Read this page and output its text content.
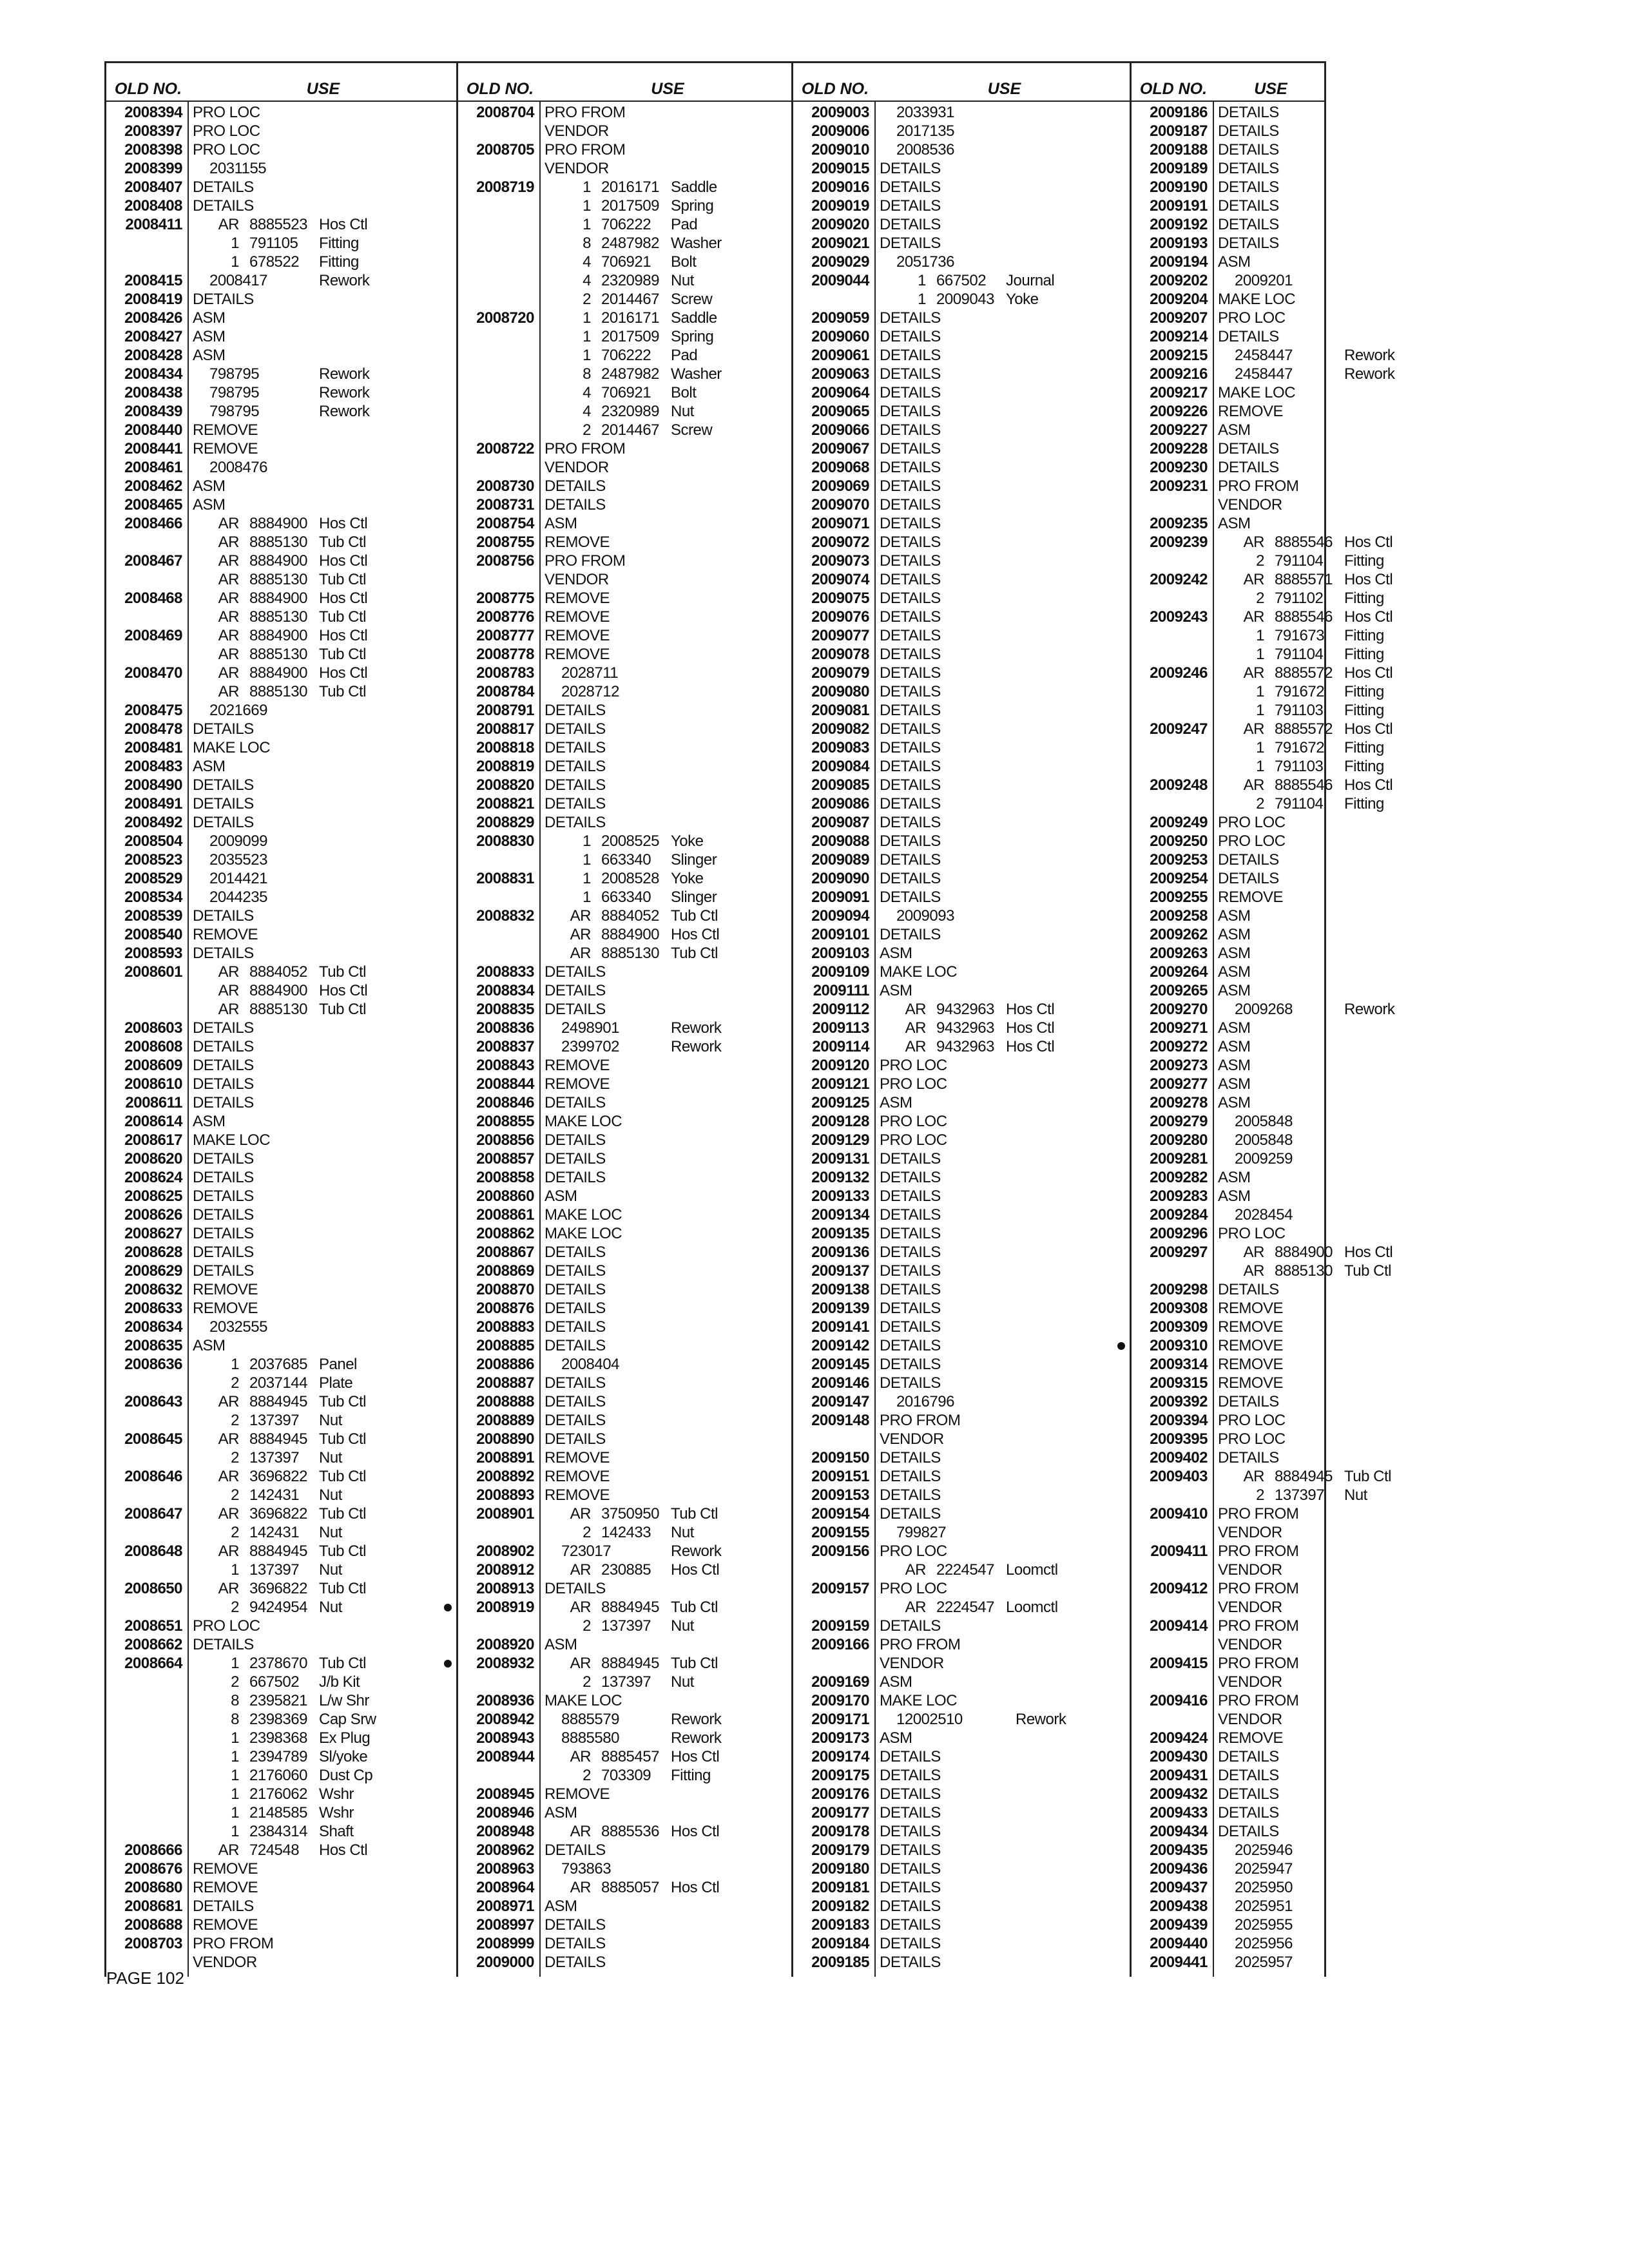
OLD NO.	USE
2008394 PRO LOC
2008397 PRO LOC
2008398 PRO LOC
2008399 2031155
2008407 DETAILS
2008408 DETAILS
2008411	AR 8885523 Hos Ctl
1 791105 Fitting
1 678522 Fitting
2008415 2008417	Rework
2008419 DETAILS
2008426 ASM
2008427 ASM
2008428 ASM
2008434 798795	Rework
2008438 798795	Rework
2008439 798795	Rework
2008440 REMOVE
2008441 REMOVE
2008461 2008476
2008462 ASM
2008465 ASM
2008466	AR 8884900 Hos Ctl
AR 8885130 Tub Ctl
2008467	AR 8884900 Hos Ctl
AR 8885130 Tub Ctl
2008468	AR 8884900 Hos Ctl
AR 8885130 Tub Ctl
2008469	AR 8884900 Hos Ctl
AR 8885130 Tub Ctl
2008470	AR 8884900 Hos Ctl
AR 8885130 Tub Ctl
2008475 2021669
2008478 DETAILS
2008481 MAKE LOC
2008483 ASM
2008490 DETAILS
2008491 DETAILS
2008492 DETAILS
2008504 2009099
2008523 2035523
2008529 2014421
2008534 2044235
2008539 DETAILS
2008540 REMOVE
2008593 DETAILS
2008601	AR 8884052 Tub Ctl
AR 8884900 Hos Ctl
AR 8885130 Tub Ctl
2008603 DETAILS
2008608 DETAILS
2008609 DETAILS
2008610 DETAILS
2008611 DETAILS
2008614 ASM
2008617 MAKE LOC
2008620 DETAILS
2008624 DETAILS
2008625 DETAILS
2008626 DETAILS
2008627 DETAILS
2008628 DETAILS
2008629 DETAILS
2008632 REMOVE
2008633 REMOVE
2008634 2032555
2008635 ASM
2008636	1 2037685 Panel
2 2037144 Plate
2008643	AR 8884945 Tub Ctl
2 137397 Nut
2008645	AR 8884945 Tub Ctl
2 137397 Nut
2008646	AR 3696822 Tub Ctl
2 142431 Nut
2008647	AR 3696822 Tub Ctl
2 142431 Nut
2008648	AR 8884945 Tub Ctl
1 137397 Nut
2008650	AR 3696822 Tub Ctl
2 9424954 Nut
2008651 PRO LOC
2008662 DETAILS
2008664	1 2378670 Tub Ctl
2 667502 J/b Kit
8 2395821 L/w Shr
8 2398369 Cap Srw
1 2398368 Ex Plug
1 2394789 Sl/yoke
1 2176060 Dust Cp
1 2176062 Wshr
1 2148585 Wshr
1 2384314 Shaft
2008666	AR 724548 Hos Ctl
2008676 REMOVE
2008680 REMOVE
2008681 DETAILS
2008688 REMOVE
2008703 PRO FROM
VENDOR
OLD NO.	USE
2008704 PRO FROM
VENDOR
2008705 PRO FROM
VENDOR
2008719	1 2016171 Saddle
1 2017509 Spring
1 706222 Pad
8 2487982 Washer
4 706921 Bolt
4 2320989 Nut
2 2014467 Screw
2008720	1 2016171 Saddle
1 2017509 Spring
1 706222 Pad
8 2487982 Washer
4 706921 Bolt
4 2320989 Nut
2 2014467 Screw
2008722 PRO FROM
VENDOR
2008730 DETAILS
2008731 DETAILS
2008754 ASM
2008755 REMOVE
2008756 PRO FROM
VENDOR
2008775 REMOVE
2008776 REMOVE
2008777 REMOVE
2008778 REMOVE
2008783 2028711
2008784 2028712
2008791 DETAILS
2008817 DETAILS
2008818 DETAILS
2008819 DETAILS
2008820 DETAILS
2008821 DETAILS
2008829 DETAILS
2008830	1 2008525 Yoke
1 663340 Slinger
2008831	1 2008528 Yoke
1 663340 Slinger
2008832	AR 8884052 Tub Ctl
AR 8884900 Hos Ctl
AR 8885130 Tub Ctl
2008833 DETAILS
2008834 DETAILS
2008835 DETAILS
2008836 2498901	Rework
2008837 2399702	Rework
2008843 REMOVE
2008844 REMOVE
2008846 DETAILS
2008855 MAKE LOC
2008856 DETAILS
2008857 DETAILS
2008858 DETAILS
2008860 ASM
2008861 MAKE LOC
2008862 MAKE LOC
2008867 DETAILS
2008869 DETAILS
2008870 DETAILS
2008876 DETAILS
2008883 DETAILS
2008885 DETAILS
2008886 2008404
2008887 DETAILS
2008888 DETAILS
2008889 DETAILS
2008890 DETAILS
2008891 REMOVE
2008892 REMOVE
2008893 REMOVE
2008901	AR 3750950 Tub Ctl
2 142433 Nut
2008902 723017	Rework
2008912	AR 230885 Hos Ctl
2008913 DETAILS
2008919	AR 8884945 Tub Ctl
2 137397 Nut
2008920 ASM
2008932	AR 8884945 Tub Ctl
2 137397 Nut
2008936 MAKE LOC
2008942 8885579	Rework
2008943 8885580	Rework
2008944	AR 8885457 Hos Ctl
2 703309 Fitting
2008945 REMOVE
2008946 ASM
2008948	AR 8885536 Hos Ctl
2008962 DETAILS
2008963 793863
2008964	AR 8885057 Hos Ctl
2008971 ASM
2008997 DETAILS
2008999 DETAILS
2009000 DETAILS
OLD NO.	USE
2009003 2033931
2009006 2017135
2009010 2008536
2009015 DETAILS
2009016 DETAILS
2009019 DETAILS
2009020 DETAILS
2009021 DETAILS
2009029 2051736
2009044	1 667502 Journal
1 2009043 Yoke
2009059 DETAILS
2009060 DETAILS
2009061 DETAILS
2009063 DETAILS
2009064 DETAILS
2009065 DETAILS
2009066 DETAILS
2009067 DETAILS
2009068 DETAILS
2009069 DETAILS
2009070 DETAILS
2009071 DETAILS
2009072 DETAILS
2009073 DETAILS
2009074 DETAILS
2009075 DETAILS
2009076 DETAILS
2009077 DETAILS
2009078 DETAILS
2009079 DETAILS
2009080 DETAILS
2009081 DETAILS
2009082 DETAILS
2009083 DETAILS
2009084 DETAILS
2009085 DETAILS
2009086 DETAILS
2009087 DETAILS
2009088 DETAILS
2009089 DETAILS
2009090 DETAILS
2009091 DETAILS
2009094 2009093
2009101 DETAILS
2009103 ASM
2009109 MAKE LOC
2009111 ASM
2009112	AR 9432963 Hos Ctl
2009113	AR 9432963 Hos Ctl
2009114	AR 9432963 Hos Ctl
2009120 PRO LOC
2009121 PRO LOC
2009125 ASM
2009128 PRO LOC
2009129 PRO LOC
2009131 DETAILS
2009132 DETAILS
2009133 DETAILS
2009134 DETAILS
2009135 DETAILS
2009136 DETAILS
2009137 DETAILS
2009138 DETAILS
2009139 DETAILS
2009141 DETAILS
2009142 DETAILS
2009145 DETAILS
2009146 DETAILS
2009147 2016796
2009148 PRO FROM
VENDOR
2009150 DETAILS
2009151 DETAILS
2009153 DETAILS
2009154 DETAILS
2009155 799827
2009156 PRO LOC
AR 2224547 Loomctl
2009157 PRO LOC
AR 2224547 Loomctl
2009159 DETAILS
2009166 PRO FROM
VENDOR
2009169 ASM
2009170 MAKE LOC
2009171 12002510	Rework
2009173 ASM
2009174 DETAILS
2009175 DETAILS
2009176 DETAILS
2009177 DETAILS
2009178 DETAILS
2009179 DETAILS
2009180 DETAILS
2009181 DETAILS
2009182 DETAILS
2009183 DETAILS
2009184 DETAILS
2009185 DETAILS
OLD NO.	USE
2009186 DETAILS
2009187 DETAILS
2009188 DETAILS
2009189 DETAILS
2009190 DETAILS
2009191 DETAILS
2009192 DETAILS
2009193 DETAILS
2009194 ASM
2009202 2009201
2009204 MAKE LOC
2009207 PRO LOC
2009214 DETAILS
2009215 2458447	Rework
2009216 2458447	Rework
2009217 MAKE LOC
2009226 REMOVE
2009227 ASM
2009228 DETAILS
2009230 DETAILS
2009231 PRO FROM
VENDOR
2009235 ASM
2009239	AR 8885546 Hos Ctl
2 791104 Fitting
2009242	AR 8885571 Hos Ctl
2 791102 Fitting
2009243	AR 8885546 Hos Ctl
1 791673 Fitting
1 791104 Fitting
2009246	AR 8885572 Hos Ctl
1 791672 Fitting
1 791103 Fitting
2009247	AR 8885572 Hos Ctl
1 791672 Fitting
1 791103 Fitting
2009248	AR 8885546 Hos Ctl
2 791104 Fitting
2009249 PRO LOC
2009250 PRO LOC
2009253 DETAILS
2009254 DETAILS
2009255 REMOVE
2009258 ASM
2009262 ASM
2009263 ASM
2009264 ASM
2009265 ASM
2009270 2009268	Rework
2009271 ASM
2009272 ASM
2009273 ASM
2009277 ASM
2009278 ASM
2009279 2005848
2009280 2005848
2009281 2009259
2009282 ASM
2009283 ASM
2009284 2028454
2009296 PRO LOC
2009297	AR 8884900 Hos Ctl
AR 8885130 Tub Ctl
2009298 DETAILS
2009308 REMOVE
2009309 REMOVE
2009310 REMOVE
2009314 REMOVE
2009315 REMOVE
2009392 DETAILS
2009394 PRO LOC
2009395 PRO LOC
2009402 DETAILS
2009403	AR 8884945 Tub Ctl
2 137397 Nut
2009410 PRO FROM
VENDOR
2009411 PRO FROM
VENDOR
2009412 PRO FROM
VENDOR
2009414 PRO FROM
VENDOR
2009415 PRO FROM
VENDOR
2009416 PRO FROM
VENDOR
2009424 REMOVE
2009430 DETAILS
2009431 DETAILS
2009432 DETAILS
2009433 DETAILS
2009434 DETAILS
2009435 2025946
2009436 2025947
2009437 2025950
2009438 2025951
2009439 2025955
2009440 2025956
2009441 2025957
PAGE 102
